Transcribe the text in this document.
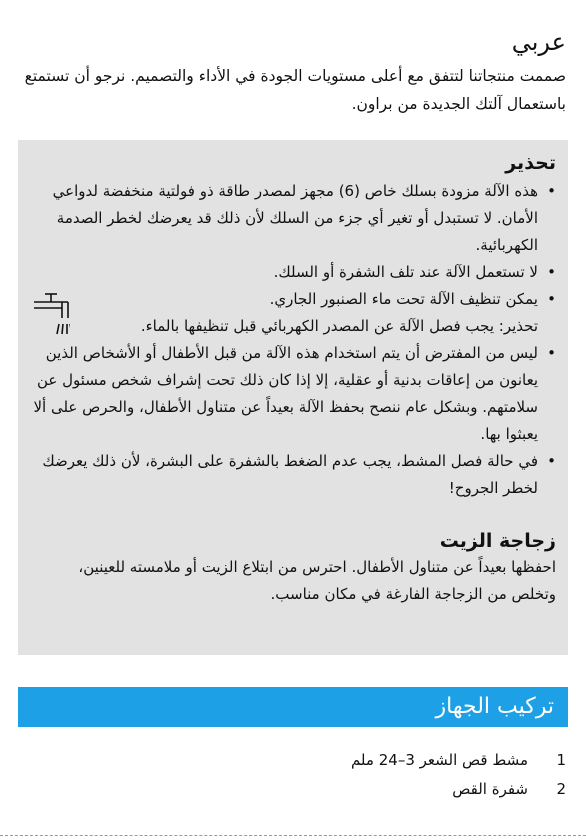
عربي

صممت منتجاتنا لتتفق مع أعلى مستويات الجودة في الأداء والتصميم. نرجو أن تستمتع باستعمال آلتك الجديدة من براون.

تحذير
•
هذه الآلة مزودة بسلك خاص (6) مجهز لمصدر طاقة ذو فولتية منخفضة لدواعي الأمان. لا تستبدل أو تغير أي جزء من السلك لأن ذلك قد يعرضك لخطر الصدمة الكهربائية.
•
لا تستعمل الآلة عند تلف الشفرة أو السلك.
•
يمكن تنظيف الآلة تحت ماء الصنبور الجاري.
تحذير: يجب فصل الآلة عن المصدر الكهربائي قبل تنظيفها بالماء.
•
ليس من المفترض أن يتم استخدام هذه الآلة من قبل الأطفال أو الأشخاص الذين يعانون من إعاقات بدنية أو عقلية، إلا إذا كان ذلك تحت إشراف شخص مسئول عن سلامتهم. وبشكل عام ننصح بحفظ الآلة بعيداً عن متناول الأطفال، والحرص على ألا يعبثوا بها.
•
في حالة فصل المشط، يجب عدم الضغط بالشفرة على البشرة، لأن ذلك يعرضك لخطر الجروح!
زجاجة الزيت

احفظها بعيداً عن متناول الأطفال. احترس من ابتلاع الزيت أو ملامسته للعينين، وتخلص من الزجاجة الفارغة في مكان مناسب.

تركيب الجهاز
1
مشط قص الشعر 3–24 ملم
2
شفرة القص
